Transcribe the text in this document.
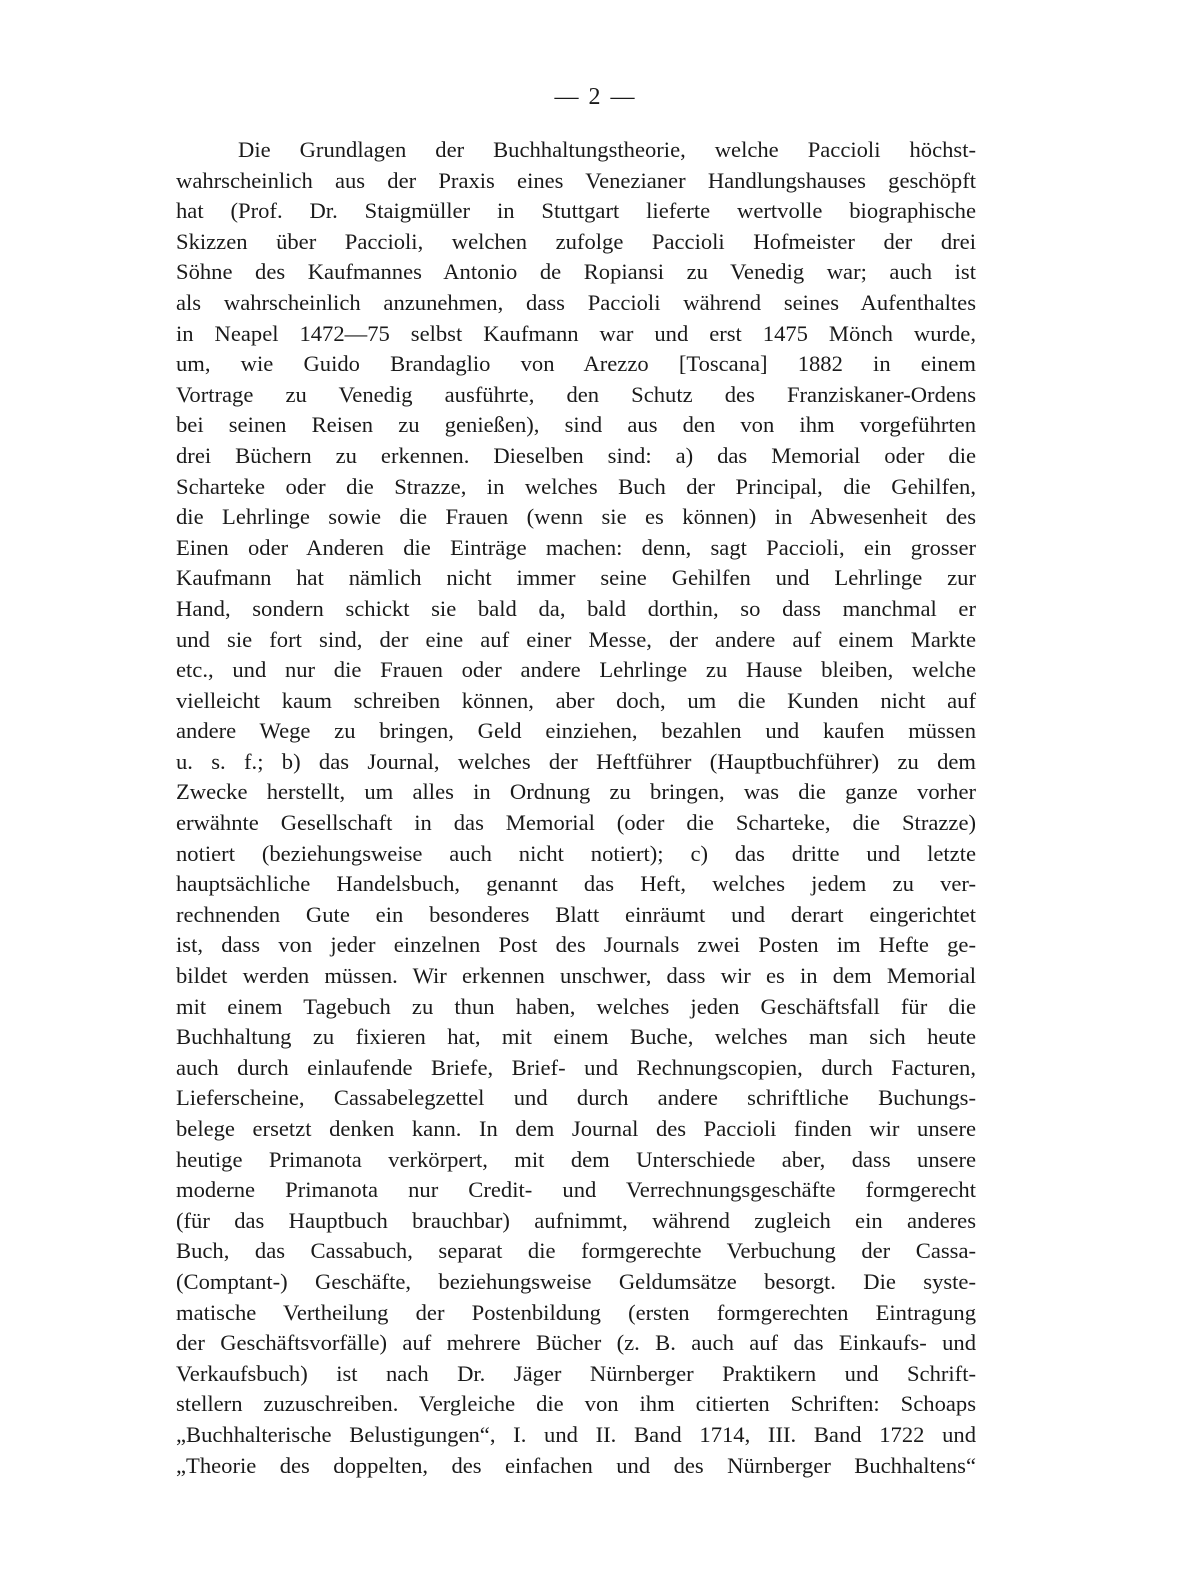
— 2 —
Die Grundlagen der Buchhaltungstheorie, welche Paccioli höchst-
wahrscheinlich aus der Praxis eines Venezianer Handlungshauses geschöpft
hat (Prof. Dr. Staigmüller in Stuttgart lieferte wertvolle biographische
Skizzen über Paccioli, welchen zufolge Paccioli Hofmeister der drei
Söhne des Kaufmannes Antonio de Ropiansi zu Venedig war; auch ist
als wahrscheinlich anzunehmen, dass Paccioli während seines Aufenthaltes
in Neapel 1472—75 selbst Kaufmann war und erst 1475 Mönch wurde,
um, wie Guido Brandaglio von Arezzo [Toscana] 1882 in einem
Vortrage zu Venedig ausführte, den Schutz des Franziskaner-Ordens
bei seinen Reisen zu genießen), sind aus den von ihm vorgeführten
drei Büchern zu erkennen. Dieselben sind: a) das Memorial oder die
Scharteke oder die Strazze, in welches Buch der Principal, die Gehilfen,
die Lehrlinge sowie die Frauen (wenn sie es können) in Abwesenheit des
Einen oder Anderen die Einträge machen: denn, sagt Paccioli, ein grosser
Kaufmann hat nämlich nicht immer seine Gehilfen und Lehrlinge zur
Hand, sondern schickt sie bald da, bald dorthin, so dass manchmal er
und sie fort sind, der eine auf einer Messe, der andere auf einem Markte
etc., und nur die Frauen oder andere Lehrlinge zu Hause bleiben, welche
vielleicht kaum schreiben können, aber doch, um die Kunden nicht auf
andere Wege zu bringen, Geld einziehen, bezahlen und kaufen müssen
u. s. f.; b) das Journal, welches der Heftführer (Hauptbuchführer) zu dem
Zwecke herstellt, um alles in Ordnung zu bringen, was die ganze vorher
erwähnte Gesellschaft in das Memorial (oder die Scharteke, die Strazze)
notiert (beziehungsweise auch nicht notiert); c) das dritte und letzte
hauptsächliche Handelsbuch, genannt das Heft, welches jedem zu ver-
rechnenden Gute ein besonderes Blatt einräumt und derart eingerichtet
ist, dass von jeder einzelnen Post des Journals zwei Posten im Hefte ge-
bildet werden müssen. Wir erkennen unschwer, dass wir es in dem Memorial
mit einem Tagebuch zu thun haben, welches jeden Geschäftsfall für die
Buchhaltung zu fixieren hat, mit einem Buche, welches man sich heute
auch durch einlaufende Briefe, Brief- und Rechnungscopien, durch Facturen,
Lieferscheine, Cassabelegzettel und durch andere schriftliche Buchungs-
belege ersetzt denken kann. In dem Journal des Paccioli finden wir unsere
heutige Primanota verkörpert, mit dem Unterschiede aber, dass unsere
moderne Primanota nur Credit- und Verrechnungsgeschäfte formgerecht
(für das Hauptbuch brauchbar) aufnimmt, während zugleich ein anderes
Buch, das Cassabuch, separat die formgerechte Verbuchung der Cassa-
(Comptant-) Geschäfte, beziehungsweise Geldumsätze besorgt. Die syste-
matische Vertheilung der Postenbildung (ersten formgerechten Eintragung
der Geschäftsvorfälle) auf mehrere Bücher (z. B. auch auf das Einkaufs- und
Verkaufsbuch) ist nach Dr. Jäger Nürnberger Praktikern und Schrift-
stellern zuzuschreiben. Vergleiche die von ihm citierten Schriften: Schoaps
„Buchhalterische Belustigungen“, I. und II. Band 1714, III. Band 1722 und
„Theorie des doppelten, des einfachen und des Nürnberger Buchhaltens“
